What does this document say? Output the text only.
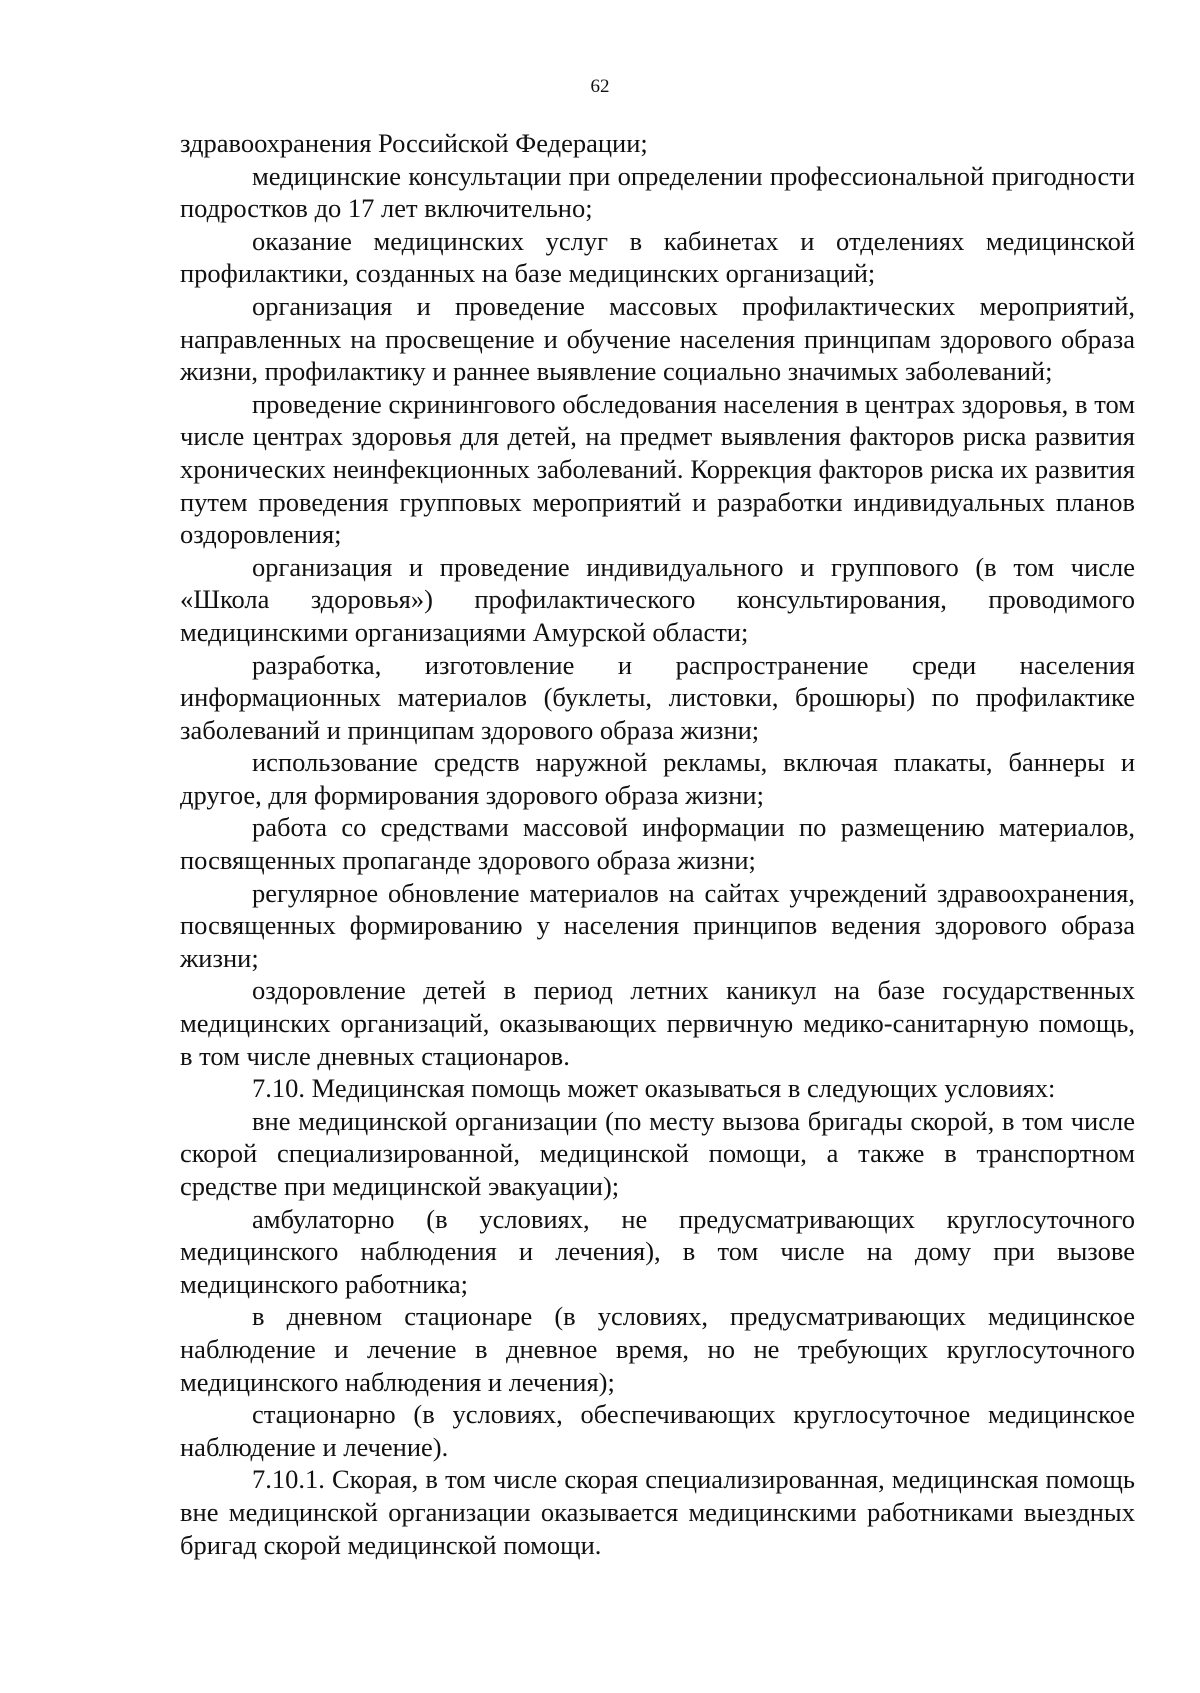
62

здравоохранения Российской Федерации;

медицинские консультации при определении профессиональной пригодности подростков до 17 лет включительно;

оказание медицинских услуг в кабинетах и отделениях медицинской профилактики, созданных на базе медицинских организаций;

организация и проведение массовых профилактических мероприятий, направленных на просвещение и обучение населения принципам здорового образа жизни, профилактику и раннее выявление социально значимых заболеваний;

проведение скринингового обследования населения в центрах здоровья, в том числе центрах здоровья для детей, на предмет выявления факторов риска развития хронических неинфекционных заболеваний. Коррекция факторов риска их развития путем проведения групповых мероприятий и разработки индивидуальных планов оздоровления;

организация и проведение индивидуального и группового (в том числе «Школа здоровья») профилактического консультирования, проводимого медицинскими организациями Амурской области;

разработка, изготовление и распространение среди населения информационных материалов (буклеты, листовки, брошюры) по профилактике заболеваний и принципам здорового образа жизни;

использование средств наружной рекламы, включая плакаты, баннеры и другое, для формирования здорового образа жизни;

работа со средствами массовой информации по размещению материалов, посвященных пропаганде здорового образа жизни;

регулярное обновление материалов на сайтах учреждений здравоохранения, посвященных формированию у населения принципов ведения здорового образа жизни;

оздоровление детей в период летних каникул на базе государственных медицинских организаций, оказывающих первичную медико-санитарную помощь, в том числе дневных стационаров.

7.10. Медицинская помощь может оказываться в следующих условиях:

вне медицинской организации (по месту вызова бригады скорой, в том числе скорой специализированной, медицинской помощи, а также в транспортном средстве при медицинской эвакуации);

амбулаторно (в условиях, не предусматривающих круглосуточного медицинского наблюдения и лечения), в том числе на дому при вызове медицинского работника;

в дневном стационаре (в условиях, предусматривающих медицинское наблюдение и лечение в дневное время, но не требующих круглосуточного медицинского наблюдения и лечения);

стационарно (в условиях, обеспечивающих круглосуточное медицинское наблюдение и лечение).

7.10.1. Скорая, в том числе скорая специализированная, медицинская помощь вне медицинской организации оказывается медицинскими работниками выездных бригад скорой медицинской помощи.
